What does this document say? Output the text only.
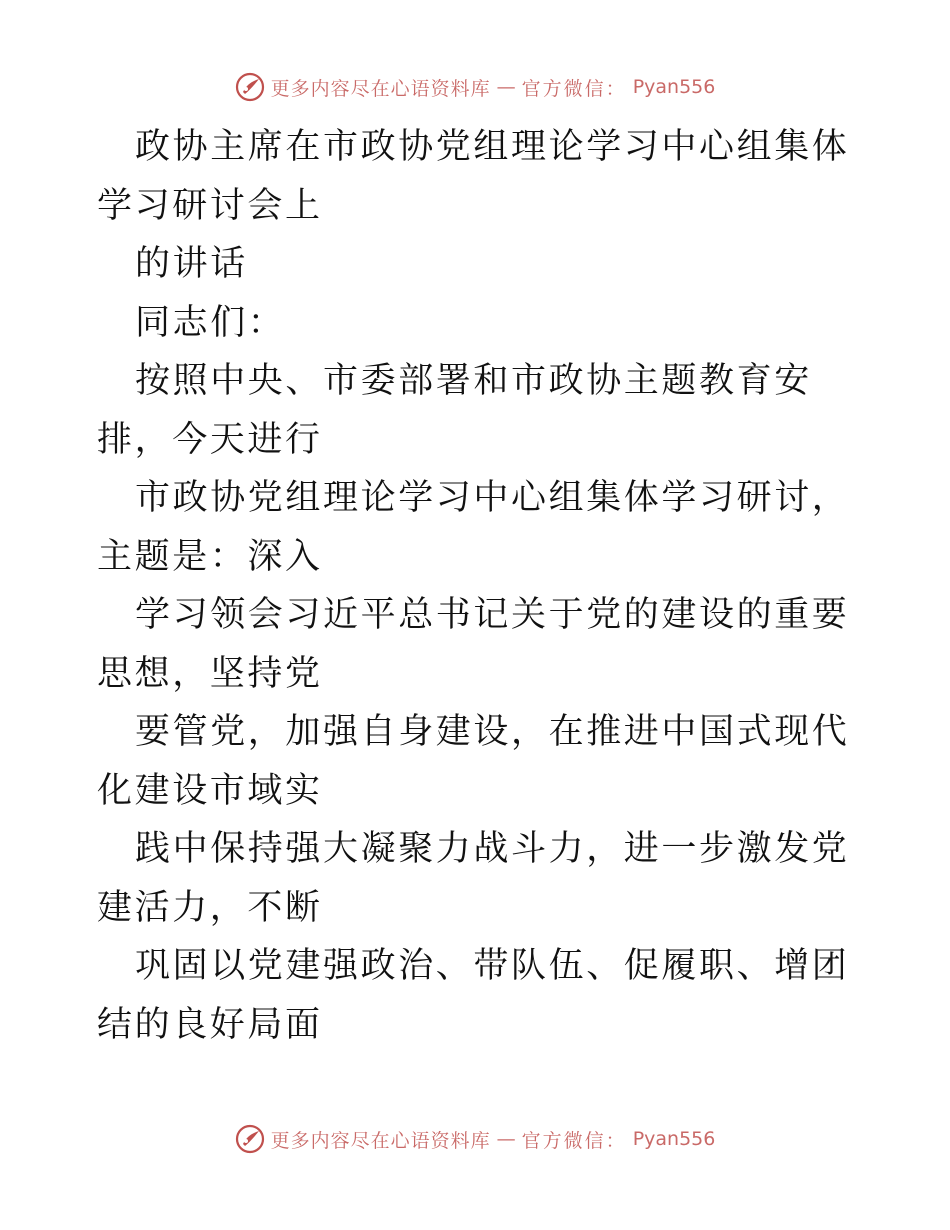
更多内容尽在心语资料库 — 官方微信： Pyan556

政协主席在市政协党组理论学习中心组集体学习研讨会上

的讲话

同志们：

按照中央、市委部署和市政协主题教育安排，今天进行

市政协党组理论学习中心组集体学习研讨，主题是：深入

学习领会习近平总书记关于党的建设的重要思想，坚持党

要管党，加强自身建设，在推进中国式现代化建设市域实

践中保持强大凝聚力战斗力，进一步激发党建活力，不断

巩固以党建强政治、带队伍、促履职、增团结的良好局面

更多内容尽在心语资料库 — 官方微信： Pyan556
